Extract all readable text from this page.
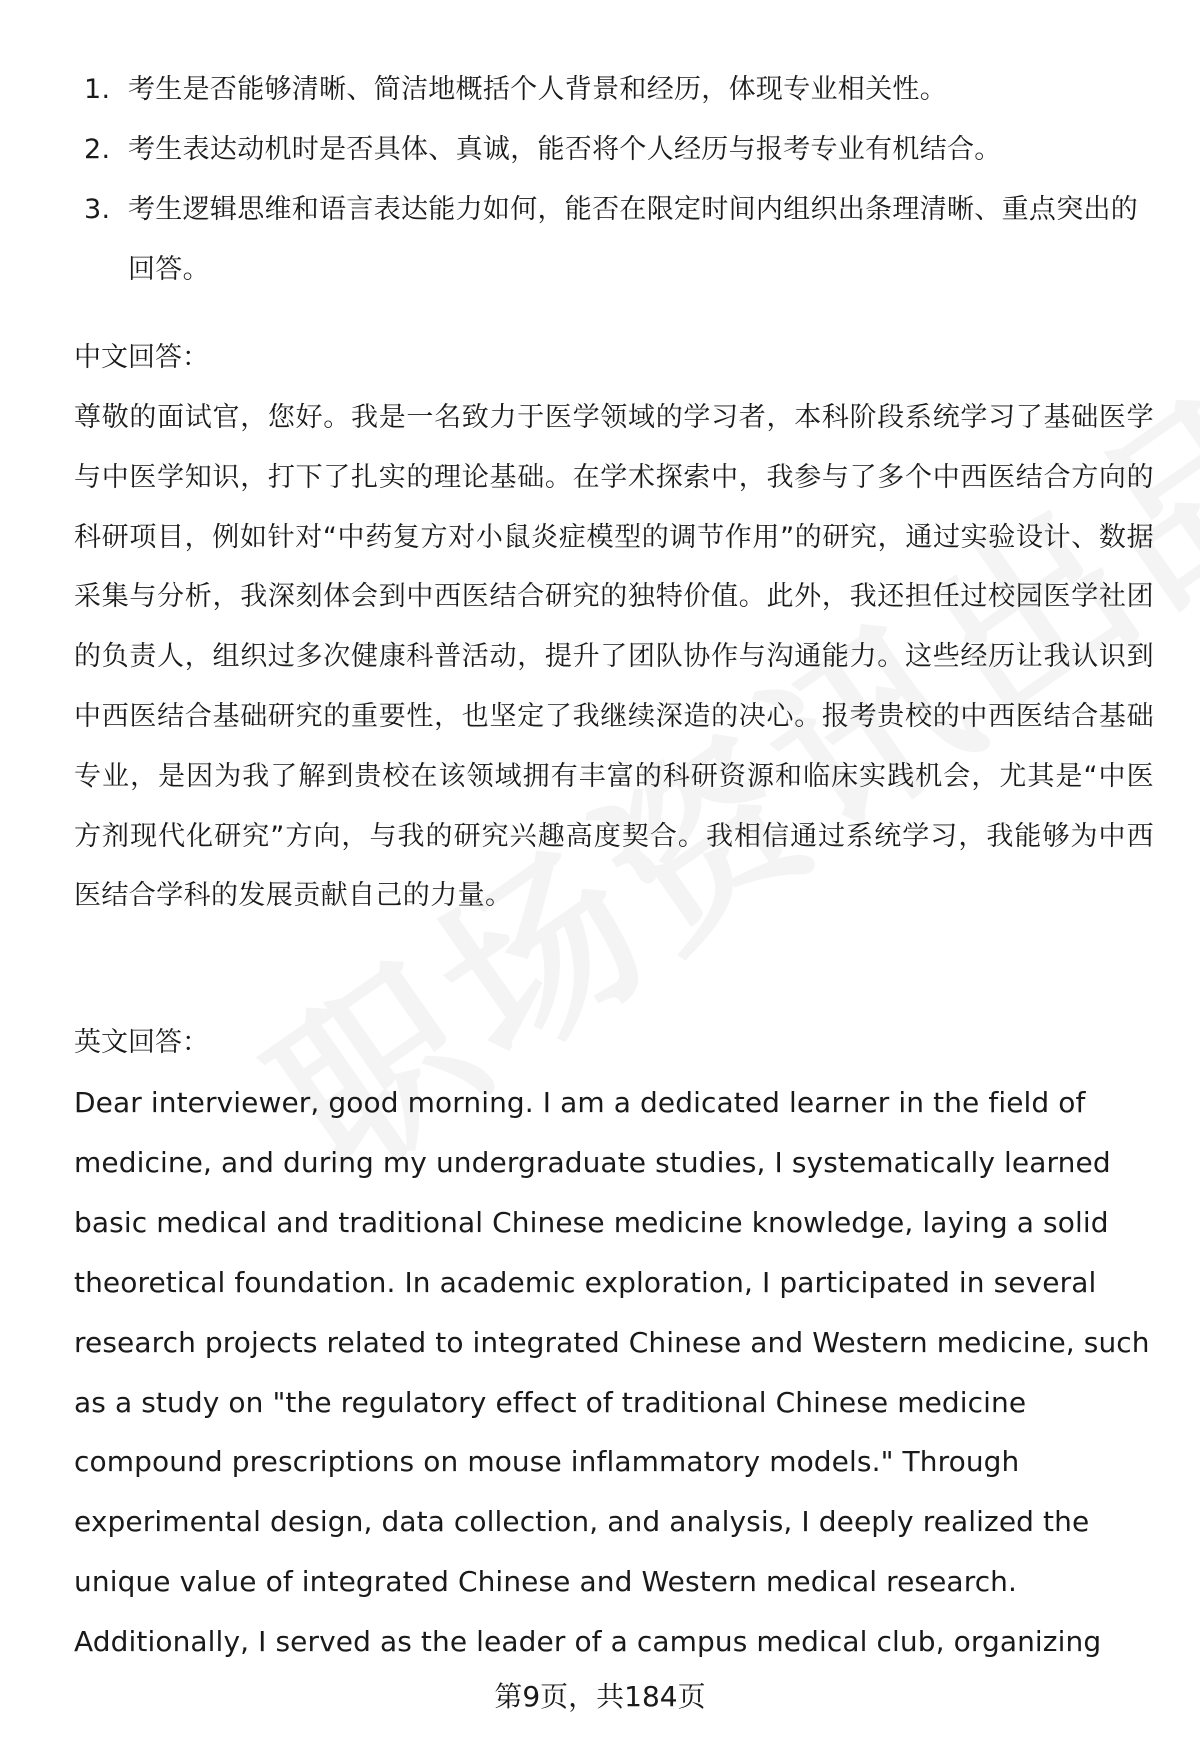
1. 考生是否能够清晰、简洁地概括个人背景和经历，体现专业相关性。
2. 考生表达动机时是否具体、真诚，能否将个人经历与报考专业有机结合。
3. 考生逻辑思维和语言表达能力如何，能否在限定时间内组织出条理清晰、重点突出的回答。
中文回答：

尊敬的面试官，您好。我是一名致力于医学领域的学习者，本科阶段系统学习了基础医学与中医学知识，打下了扎实的理论基础。在学术探索中，我参与了多个中西医结合方向的科研项目，例如针对“中药复方对小鼠炎症模型的调节作用”的研究，通过实验设计、数据采集与分析，我深刻体会到中西医结合研究的独特价值。此外，我还担任过校园医学社团的负责人，组织过多次健康科普活动，提升了团队协作与沟通能力。这些经历让我认识到中西医结合基础研究的重要性，也坚定了我继续深造的决心。报考贵校的中西医结合基础专业，是因为我了解到贵校在该领域拥有丰富的科研资源和临床实践机会，尤其是“中医方剂现代化研究”方向，与我的研究兴趣高度契合。我相信通过系统学习，我能够为中西医结合学科的发展贡献自己的力量。

英文回答：

Dear interviewer, good morning. I am a dedicated learner in the field of medicine, and during my undergraduate studies, I systematically learned basic medical and traditional Chinese medicine knowledge, laying a solid theoretical foundation. In academic exploration, I participated in several research projects related to integrated Chinese and Western medicine, such as a study on "the regulatory effect of traditional Chinese medicine compound prescriptions on mouse inflammatory models." Through experimental design, data collection, and analysis, I deeply realized the unique value of integrated Chinese and Western medical research. Additionally, I served as the leader of a campus medical club, organizing

第9页，共184页
